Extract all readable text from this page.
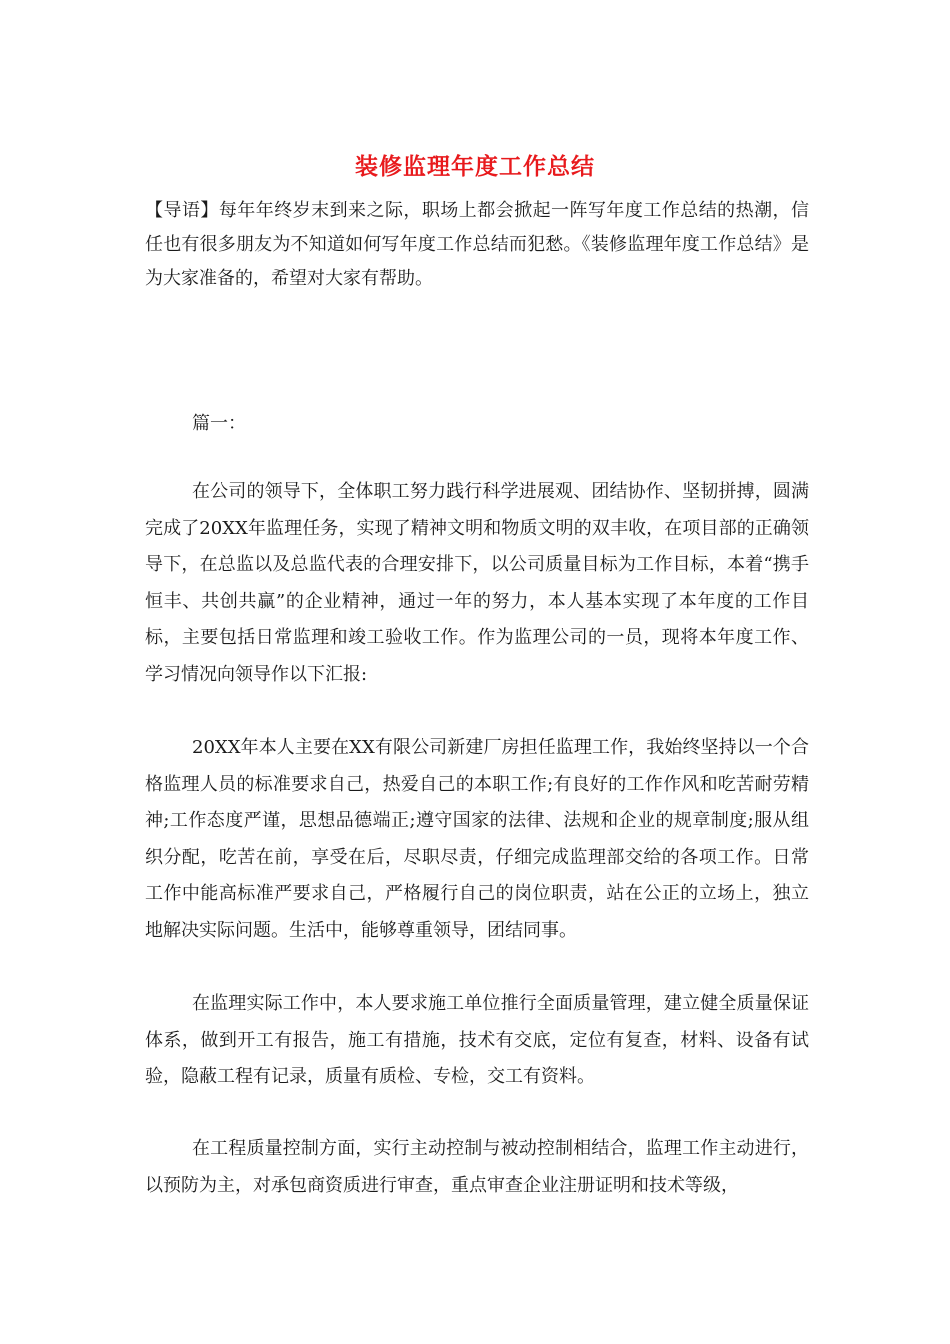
装修监理年度工作总结

【导语】每年年终岁末到来之际，职场上都会掀起一阵写年度工作总结的热潮，信任也有很多朋友为不知道如何写年度工作总结而犯愁。《装修监理年度工作总结》是为大家准备的，希望对大家有帮助。

篇一：

在公司的领导下，全体职工努力践行科学进展观、团结协作、坚韧拼搏，圆满完成了20XX年监理任务，实现了精神文明和物质文明的双丰收，在项目部的正确领导下，在总监以及总监代表的合理安排下，以公司质量目标为工作目标，本着“携手恒丰、共创共赢”的企业精神，通过一年的努力，本人基本实现了本年度的工作目标，主要包括日常监理和竣工验收工作。作为监理公司的一员，现将本年度工作、学习情况向领导作以下汇报:

20XX年本人主要在XX有限公司新建厂房担任监理工作，我始终坚持以一个合格监理人员的标准要求自己，热爱自己的本职工作;有良好的工作作风和吃苦耐劳精神;工作态度严谨，思想品德端正;遵守国家的法律、法规和企业的规章制度;服从组织分配，吃苦在前，享受在后，尽职尽责，仔细完成监理部交给的各项工作。日常工作中能高标准严要求自己，严格履行自己的岗位职责，站在公正的立场上，独立地解决实际问题。生活中，能够尊重领导，团结同事。

在监理实际工作中，本人要求施工单位推行全面质量管理，建立健全质量保证体系，做到开工有报告，施工有措施，技术有交底，定位有复查，材料、设备有试验，隐蔽工程有记录，质量有质检、专检，交工有资料。

在工程质量控制方面，实行主动控制与被动控制相结合，监理工作主动进行，以预防为主，对承包商资质进行审查，重点审查企业注册证明和技术等级，
